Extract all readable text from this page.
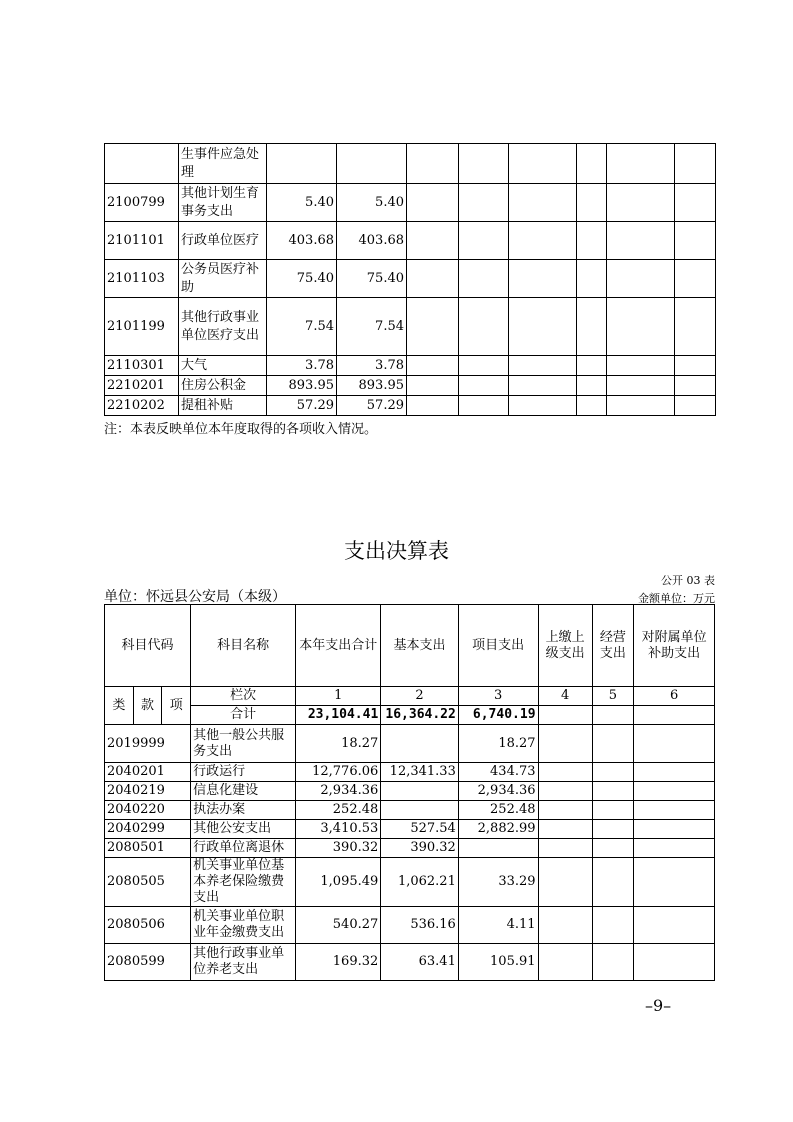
	生事件应急处理								
2100799	其他计划生育事务支出	5.40	5.40						
2101101	行政单位医疗	403.68	403.68						
2101103	公务员医疗补助	75.40	75.40						
2101199	其他行政事业单位医疗支出	7.54	7.54						
2110301	大气	3.78	3.78						
2210201	住房公积金	893.95	893.95						
2210202	提租补贴	57.29	57.29						
注：本表反映单位本年度取得的各项收入情况。
支出决算表
公开 03 表
单位：怀远县公安局（本级）	金额单位：万元
科目代码			科目名称	本年支出合计	基本支出	项目支出	上缴上级支出	经营支出	对附属单位补助支出
类	款	项	栏次	1	2	3	4	5	6
			合计	23,104.41	16,364.22	6,740.19			
2019999			其他一般公共服务支出	18.27		18.27			
2040201			行政运行	12,776.06	12,341.33	434.73			
2040219			信息化建设	2,934.36		2,934.36			
2040220			执法办案	252.48		252.48			
2040299			其他公安支出	3,410.53	527.54	2,882.99			
2080501			行政单位离退休	390.32	390.32				
2080505			机关事业单位基本养老保险缴费支出	1,095.49	1,062.21	33.29			
2080506			机关事业单位职业年金缴费支出	540.27	536.16	4.11			
2080599			其他行政事业单位养老支出	169.32	63.41	105.91			
–9–
